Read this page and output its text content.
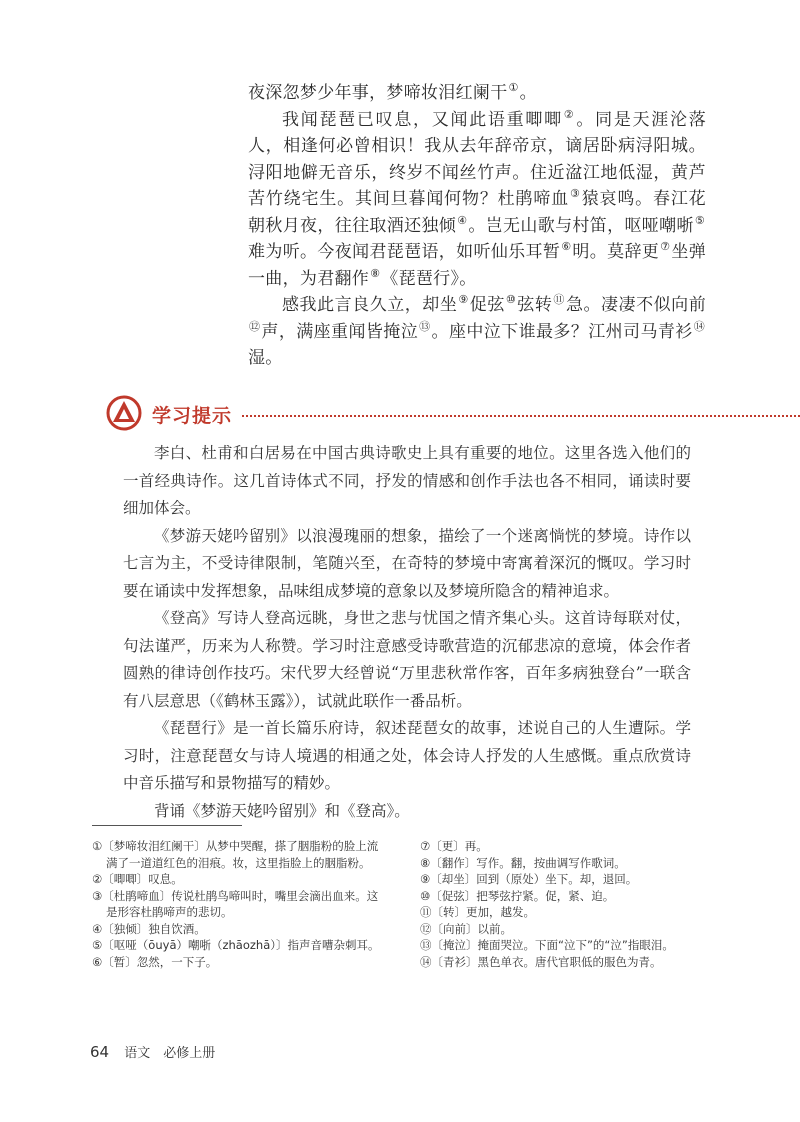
夜深忽梦少年事，梦啼妆泪红阑干①。

我闻琵琶已叹息，又闻此语重唧唧②。同是天涯沦落人，相逢何必曾相识！我从去年辞帝京，谪居卧病浔阳城。浔阳地僻无音乐，终岁不闻丝竹声。住近湓江地低湿，黄芦苦竹绕宅生。其间旦暮闻何物？杜鹃啼血③猿哀鸣。春江花朝秋月夜，往往取酒还独倾④。岂无山歌与村笛，呕哑嘲哳⑤难为听。今夜闻君琵琶语，如听仙乐耳暂⑥明。莫辞更⑦坐弹一曲，为君翻作⑧《琵琶行》。

感我此言良久立，却坐⑨促弦⑩弦转⑪急。凄凄不似向前⑫声，满座重闻皆掩泣⑬。座中泣下谁最多？江州司马青衫⑭湿。

学习提示

李白、杜甫和白居易在中国古典诗歌史上具有重要的地位。这里各选入他们的一首经典诗作。这几首诗体式不同，抒发的情感和创作手法也各不相同，诵读时要细加体会。

《梦游天姥吟留别》以浪漫瑰丽的想象，描绘了一个迷离惝恍的梦境。诗作以七言为主，不受诗律限制，笔随兴至，在奇特的梦境中寄寓着深沉的慨叹。学习时要在诵读中发挥想象，品味组成梦境的意象以及梦境所隐含的精神追求。

《登高》写诗人登高远眺，身世之悲与忧国之情齐集心头。这首诗每联对仗，句法谨严，历来为人称赞。学习时注意感受诗歌营造的沉郁悲凉的意境，体会作者圆熟的律诗创作技巧。宋代罗大经曾说“万里悲秋常作客，百年多病独登台”一联含有八层意思（《鹤林玉露》），试就此联作一番品析。

《琵琶行》是一首长篇乐府诗，叙述琵琶女的故事，述说自己的人生遭际。学习时，注意琵琶女与诗人境遇的相通之处，体会诗人抒发的人生感慨。重点欣赏诗中音乐描写和景物描写的精妙。

背诵《梦游天姥吟留别》和《登高》。

①〔梦啼妆泪红阑干〕从梦中哭醒，搽了胭脂粉的脸上流满了一道道红色的泪痕。妆，这里指脸上的胭脂粉。

②〔唧唧〕叹息。

③〔杜鹃啼血〕传说杜鹃鸟啼叫时，嘴里会滴出血来。这是形容杜鹃啼声的悲切。

④〔独倾〕独自饮酒。

⑤〔呕哑（ōuyā）嘲哳（zhāozhā）〕指声音嘈杂刺耳。

⑥〔暂〕忽然，一下子。

⑦〔更〕再。

⑧〔翻作〕写作。翻，按曲调写作歌词。

⑨〔却坐〕回到（原处）坐下。却，退回。

⑩〔促弦〕把琴弦拧紧。促，紧、迫。

⑪〔转〕更加，越发。

⑫〔向前〕以前。

⑬〔掩泣〕掩面哭泣。下面“泣下”的“泣”指眼泪。

⑭〔青衫〕黑色单衣。唐代官职低的服色为青。

64 语文　必修上册
